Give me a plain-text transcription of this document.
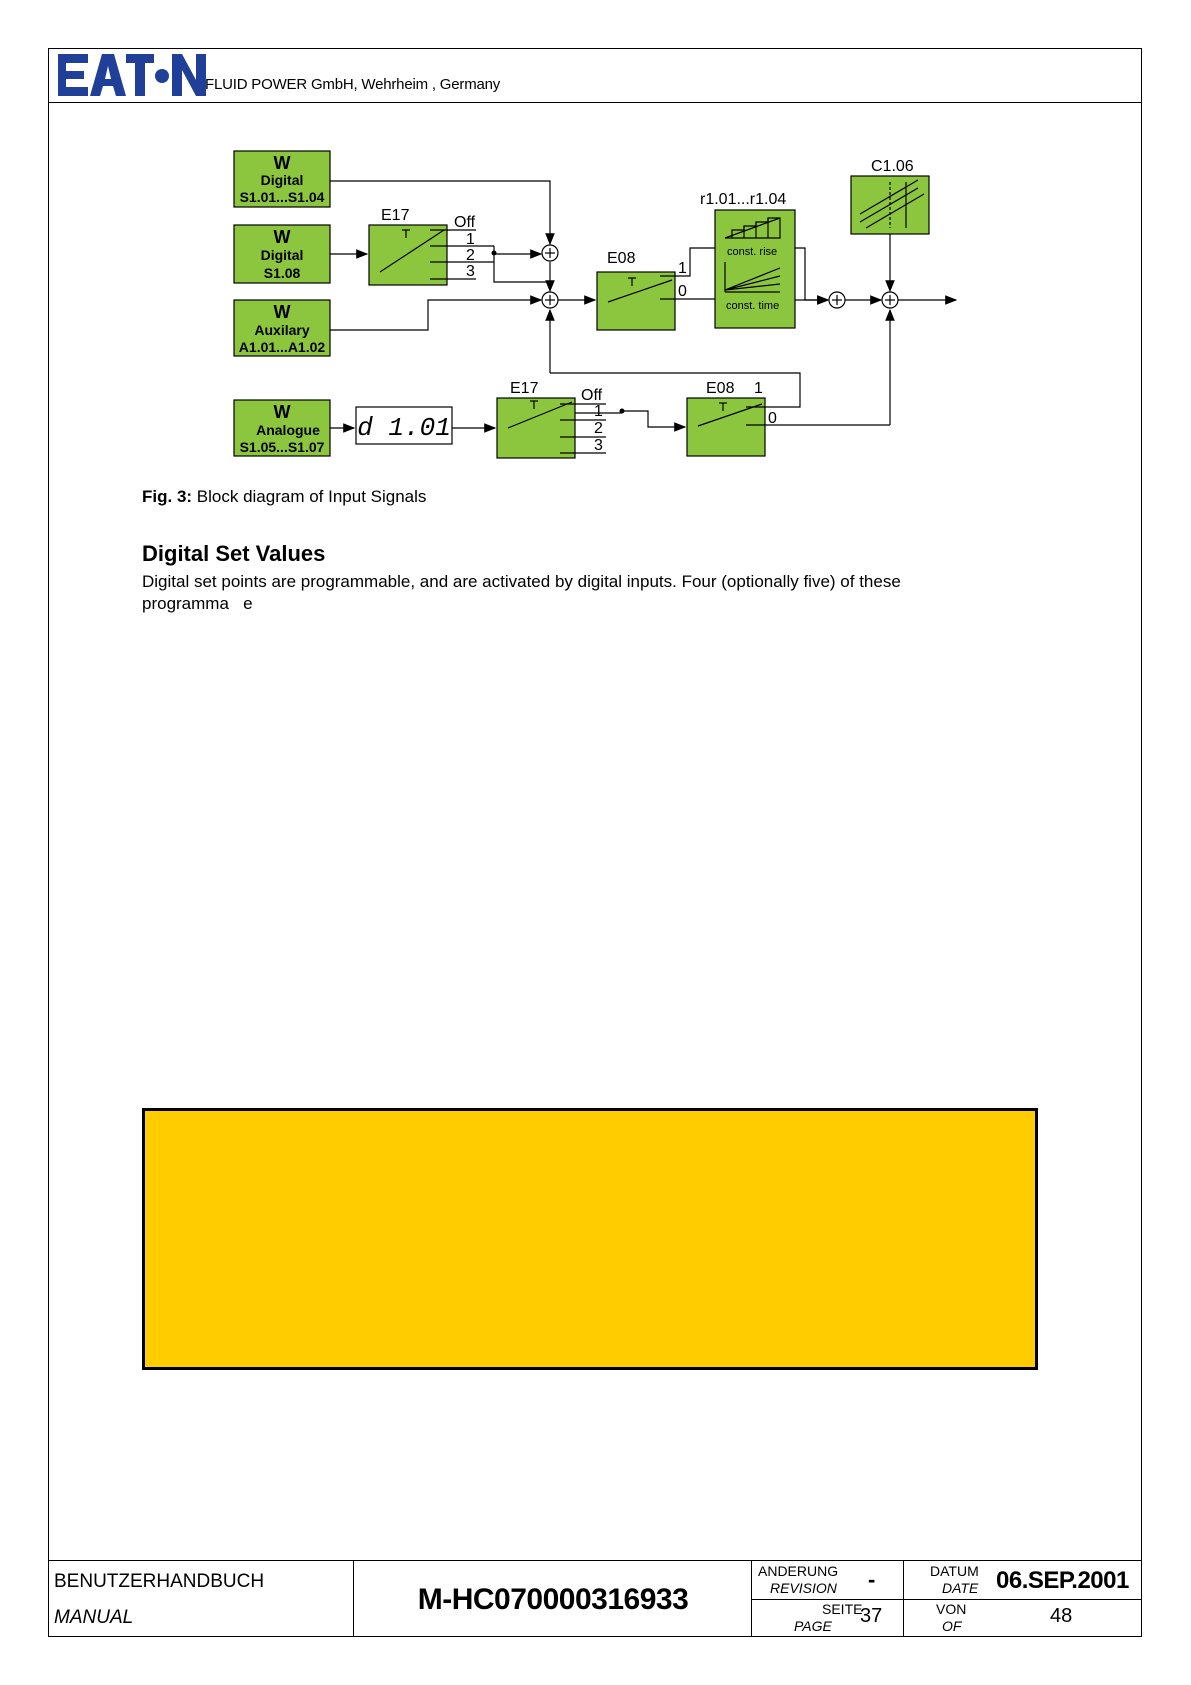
FLUID POWER GmbH, Wehrheim , Germany
W
Digital
S1.01...S1.04
W
Digital
S1.08
W
Auxilary
A1.01...A1.02
W
Analogue
S1.05...S1.07
E17	Off
1
2
3
E17	Off
1
2
3
d 1.01
E08
1
0
E08 1
0
r1.01...r1.04
const. rise
const. time
C1.06
Fig. 3: Block diagram of Input Signals
Digital Set Values
Digital set points are programmable, and are activated by digital inputs. Four (optionally five) of these
programma   e
BENUTZERHANDBUCH
MANUAL
M-HC070000316933
ANDERUNG
REVISION -
SEITE
PAGE 37
DATUM
DATE 06.SEP.2001
VON
OF	48
